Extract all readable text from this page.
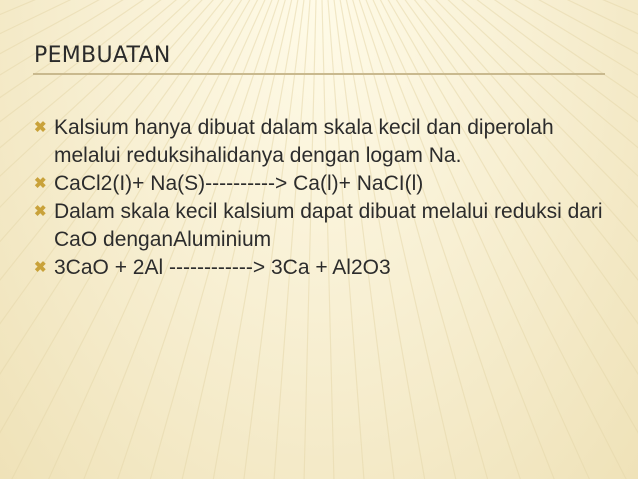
PEMBUATAN
✖ Kalsium hanya dibuat dalam skala kecil dan diperolah melalui reduksihalidanya dengan logam Na.
✖ CaCl2(I)+ Na(S)----------> Ca(l)+ NaCI(l)
✖ Dalam skala kecil kalsium dapat dibuat melalui reduksi dari CaO denganAluminium
✖ 3CaO + 2Al ------------> 3Ca + Al2O3
